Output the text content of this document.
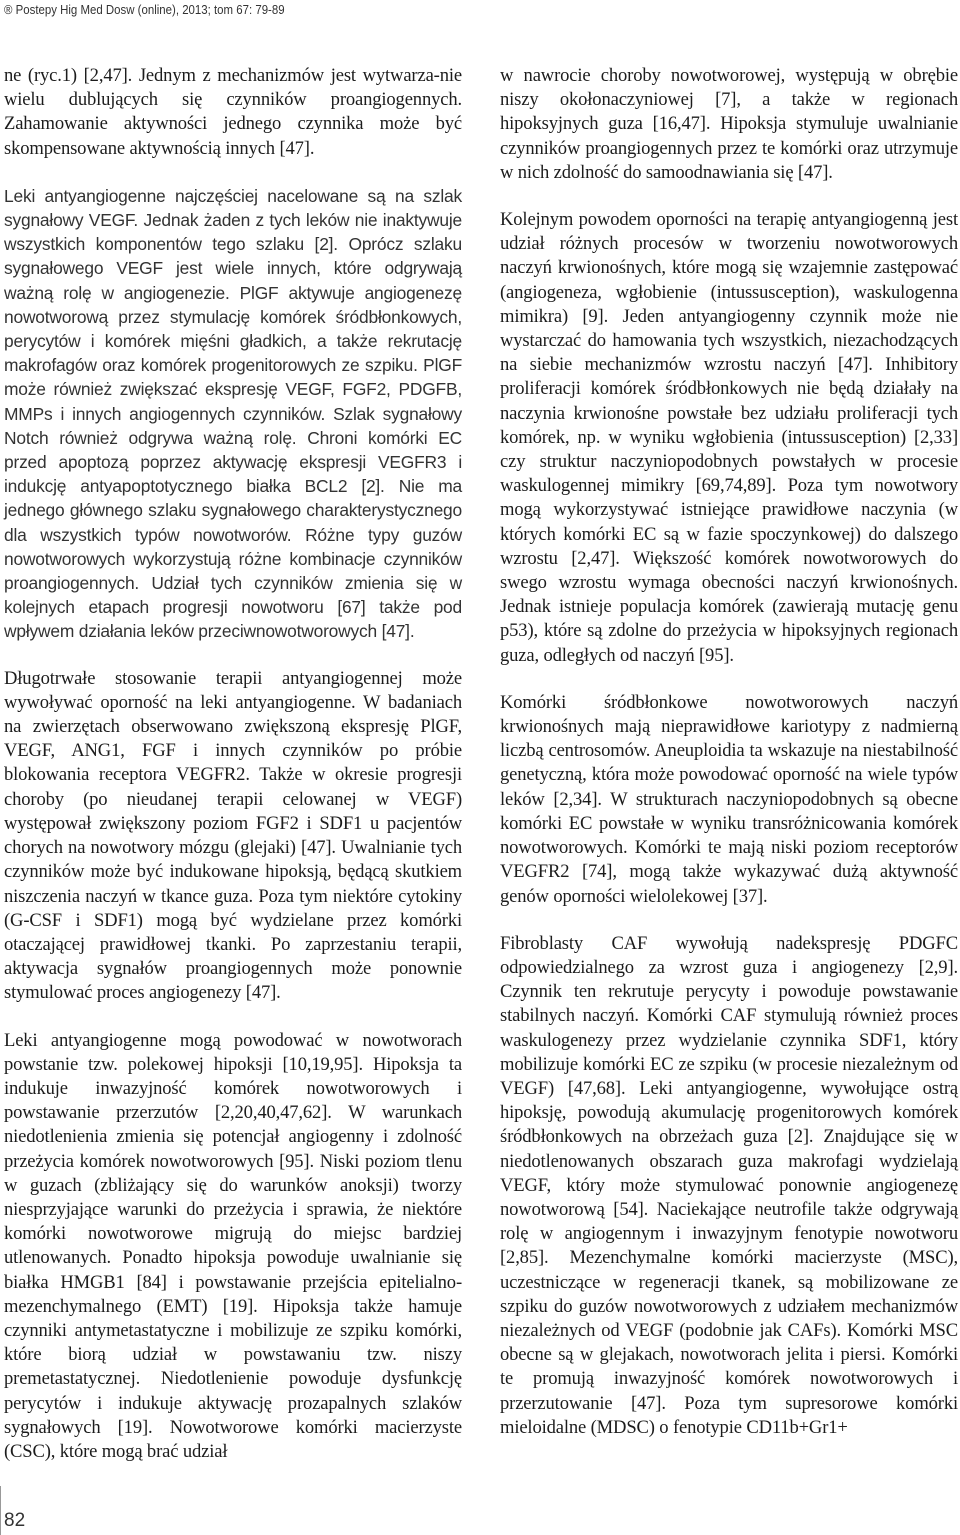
® Postepy Hig Med Dosw (online), 2013; tom 67: 79-89

ne (ryc.1) [2,47]. Jednym z mechanizmów jest wytwarza-nie wielu dublujących się czynników proangiogennych. Zahamowanie aktywności jednego czynnika może być skompensowane aktywnością innych [47].

Leki antyangiogenne najczęściej nacelowane są na szlak sygnałowy VEGF. Jednak żaden z tych leków nie inaktywuje wszystkich komponentów tego szlaku [2]. Oprócz szlaku sygnałowego VEGF jest wiele innych, które odgrywają ważną rolę w angiogenezie. PlGF aktywuje angiogenezę nowotworową przez stymulację komórek śródbłonkowych, perycytów i komórek mięśni gładkich, a także rekrutację makrofagów oraz komórek progenitorowych ze szpiku. PlGF może również zwiększać ekspresję VEGF, FGF2, PDGFB, MMPs i innych angiogennych czynników. Szlak sygnałowy Notch również odgrywa ważną rolę. Chroni komórki EC przed apoptozą poprzez aktywację ekspresji VEGFR3 i indukcję antyapoptotycznego białka BCL2 [2]. Nie ma jednego głównego szlaku sygnałowego charakterystycznego dla wszystkich typów nowotworów. Różne typy guzów nowotworowych wykorzystują różne kombinacje czynników proangiogennych. Udział tych czynników zmienia się w kolejnych etapach progresji nowotworu [67] także pod wpływem działania leków przeciwnowotworowych [47].

Długotrwałe stosowanie terapii antyangiogennej może wywoływać oporność na leki antyangiogenne. W badaniach na zwierzętach obserwowano zwiększoną ekspresję PlGF, VEGF, ANG1, FGF i innych czynników po próbie blokowania receptora VEGFR2. Także w okresie progresji choroby (po nieudanej terapii celowanej w VEGF) występował zwiększony poziom FGF2 i SDF1 u pacjentów chorych na nowotwory mózgu (glejaki) [47]. Uwalnianie tych czynników może być indukowane hipoksją, będącą skutkiem niszczenia naczyń w tkance guza. Poza tym niektóre cytokiny (G-CSF i SDF1) mogą być wydzielane przez komórki otaczającej prawidłowej tkanki. Po zaprzestaniu terapii, aktywacja sygnałów proangiogennych może ponownie stymulować proces angiogenezy [47].

Leki antyangiogenne mogą powodować w nowotworach powstanie tzw. polekowej hipoksji [10,19,95]. Hipoksja ta indukuje inwazyjność komórek nowotworowych i powstawanie przerzutów [2,20,40,47,62]. W warunkach niedotlenienia zmienia się potencjał angiogenny i zdolność przeżycia komórek nowotworowych [95]. Niski poziom tlenu w guzach (zbliżający się do warunków anoksji) tworzy niesprzyjające warunki do przeżycia i sprawia, że niektóre komórki nowotworowe migrują do miejsc bardziej utlenowanych. Ponadto hipoksja powoduje uwalnianie się białka HMGB1 [84] i powstawanie przejścia epitelialno-mezenchymalnego (EMT) [19]. Hipoksja także hamuje czynniki antymetastatyczne i mobilizuje ze szpiku komórki, które biorą udział w powstawaniu tzw. niszy premetastatycznej. Niedotlenienie powoduje dysfunkcję perycytów i indukuje aktywację prozapalnych szlaków sygnałowych [19]. Nowotworowe komórki macierzyste (CSC), które mogą brać udział

w nawrocie choroby nowotworowej, występują w obrębie niszy okołonaczyniowej [7], a także w regionach hipoksyjnych guza [16,47]. Hipoksja stymuluje uwalnianie czynników proangiogennych przez te komórki oraz utrzymuje w nich zdolność do samoodnawiania się [47].

Kolejnym powodem oporności na terapię antyangiogenną jest udział różnych procesów w tworzeniu nowotworowych naczyń krwionośnych, które mogą się wzajemnie zastępować (angiogeneza, wgłobienie (intussusception), waskulogenna mimikra) [9]. Jeden antyangiogenny czynnik może nie wystarczać do hamowania tych wszystkich, niezachodzących na siebie mechanizmów wzrostu naczyń [47]. Inhibitory proliferacji komórek śródbłonkowych nie będą działały na naczynia krwionośne powstałe bez udziału proliferacji tych komórek, np. w wyniku wgłobienia (intussusception) [2,33] czy struktur naczyniopodobnych powstałych w procesie waskulogennej mimikry [69,74,89]. Poza tym nowotwory mogą wykorzystywać istniejące prawidłowe naczynia (w których komórki EC są w fazie spoczynkowej) do dalszego wzrostu [2,47]. Większość komórek nowotworowych do swego wzrostu wymaga obecności naczyń krwionośnych. Jednak istnieje populacja komórek (zawierają mutację genu p53), które są zdolne do przeżycia w hipoksyjnych regionach guza, odległych od naczyń [95].

Komórki śródbłonkowe nowotworowych naczyń krwionośnych mają nieprawidłowe kariotypy z nadmierną liczbą centrosomów. Aneuploidia ta wskazuje na niestabilność genetyczną, która może powodować oporność na wiele typów leków [2,34]. W strukturach naczyniopodobnych są obecne komórki EC powstałe w wyniku transróżnicowania komórek nowotworowych. Komórki te mają niski poziom receptorów VEGFR2 [74], mogą także wykazywać dużą aktywność genów oporności wielolekowej [37].

Fibroblasty CAF wywołują nadekspresję PDGFC odpowiedzialnego za wzrost guza i angiogenezy [2,9]. Czynnik ten rekrutuje perycyty i powoduje powstawanie stabilnych naczyń. Komórki CAF stymulują również proces waskulogenezy przez wydzielanie czynnika SDF1, który mobilizuje komórki EC ze szpiku (w procesie niezależnym od VEGF) [47,68]. Leki antyangiogenne, wywołujące ostrą hipoksję, powodują akumulację progenitorowych komórek śródbłonkowych na obrzeżach guza [2]. Znajdujące się w niedotlenowanych obszarach guza makrofagi wydzielają VEGF, który może stymulować ponownie angiogenezę nowotworową [54]. Naciekające neutrofile także odgrywają rolę w angiogennym i inwazyjnym fenotypie nowotworu [2,85]. Mezenchymalne komórki macierzyste (MSC), uczestniczące w regeneracji tkanek, są mobilizowane ze szpiku do guzów nowotworowych z udziałem mechanizmów niezależnych od VEGF (podobnie jak CAFs). Komórki MSC obecne są w glejakach, nowotworach jelita i piersi. Komórki te promują inwazyjność komórek nowotworowych i przerzutowanie [47]. Poza tym supresorowe komórki mieloidalne (MDSC) o fenotypie CD11b+Gr1+

82
